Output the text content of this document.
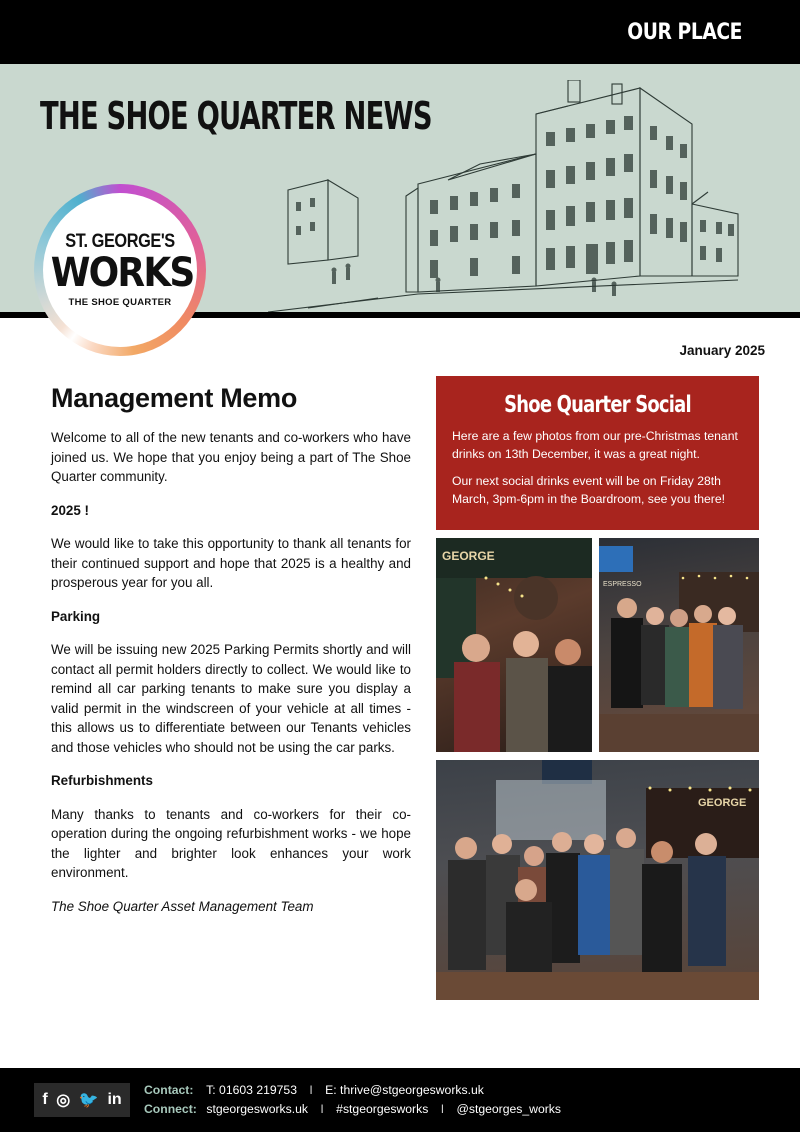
OUR PLACE
THE SHOE QUARTER NEWS
ST. GEORGE'S
WORKS
THE SHOE QUARTER
January 2025
Management Memo

Welcome to all of the new tenants and co-workers who have joined us. We hope that you enjoy being a part of The Shoe Quarter community.

2025 !

We would like to take this opportunity to thank all tenants for their continued support and hope that 2025 is a healthy and prosperous year for you all.

Parking

We will be issuing new 2025 Parking Permits shortly and will contact all permit holders directly to collect. We would like to remind all car parking tenants to make sure you display a valid permit in the windscreen of your vehicle at all times - this allows us to differentiate between our Tenants vehicles and those vehicles who should not be using the car parks.

Refurbishments

Many thanks to tenants and co-workers for their co-operation during the ongoing refurbishment works - we hope the lighter and brighter look enhances your work environment.

The Shoe Quarter Asset Management Team

Shoe Quarter Social

Here are a few photos from our pre-Christmas tenant drinks on 13th December, it was a great night.

Our next social drinks event will be on Friday 28th March, 3pm-6pm in the Boardroom, see you there!

GEORGE
ESPRESSO
GEORGE
f ◎ 🐦 in
Contact: T: 01603 219753 I E: thrive@stgeorgesworks.uk
Connect: stgeorgesworks.uk I #stgeorgesworks I @stgeorges_works
